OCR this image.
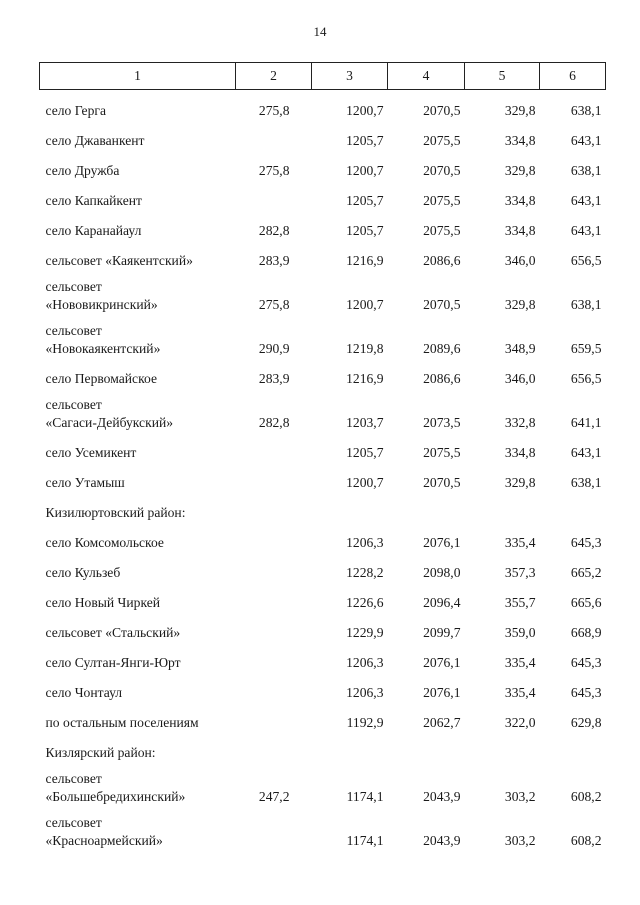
14
1	2	3	4	5	6

село Герга	275,8	1200,7	2070,5	329,8	638,1

село Джаванкент		1205,7	2075,5	334,8	643,1

село Дружба	275,8	1200,7	2070,5	329,8	638,1

село Капкайкент		1205,7	2075,5	334,8	643,1

село Каранайаул	282,8	1205,7	2075,5	334,8	643,1

сельсовет «Каякентский»	283,9	1216,9	2086,6	346,0	656,5

сельсовет
«Нововикринский»	275,8	1200,7	2070,5	329,8	638,1

сельсовет
«Новокаякентский»	290,9	1219,8	2089,6	348,9	659,5

село Первомайское	283,9	1216,9	2086,6	346,0	656,5

сельсовет
«Сагаси-Дейбукский»	282,8	1203,7	2073,5	332,8	641,1

село Усемикент		1205,7	2075,5	334,8	643,1

село Утамыш		1200,7	2070,5	329,8	638,1

Кизилюртовский район:					

село Комсомольское		1206,3	2076,1	335,4	645,3

село Кульзеб		1228,2	2098,0	357,3	665,2

село Новый Чиркей		1226,6	2096,4	355,7	665,6

сельсовет «Стальский»		1229,9	2099,7	359,0	668,9

село Султан-Янги-Юрт		1206,3	2076,1	335,4	645,3

село Чонтаул		1206,3	2076,1	335,4	645,3

по остальным поселениям		1192,9	2062,7	322,0	629,8

Кизлярский район:					

сельсовет
«Большебредихинский»	247,2	1174,1	2043,9	303,2	608,2

сельсовет
«Красноармейский»		1174,1	2043,9	303,2	608,2
